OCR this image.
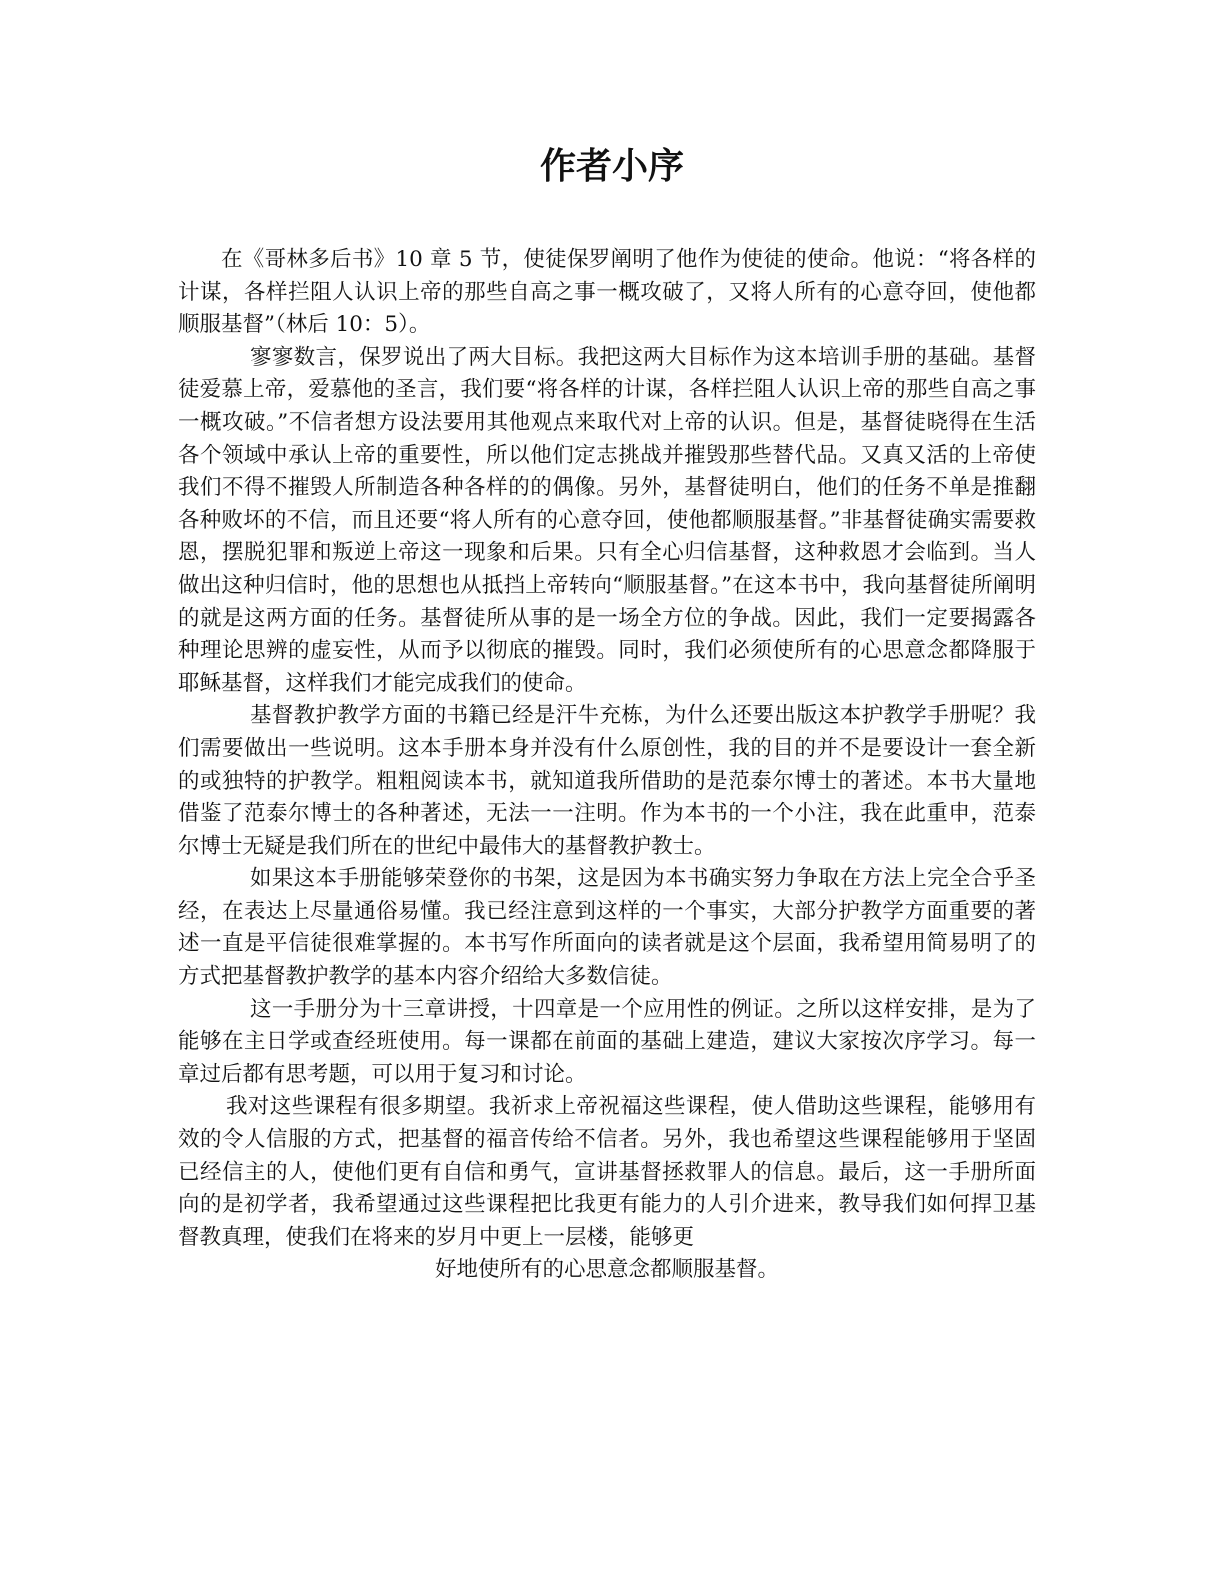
作者小序

在《哥林多后书》10 章 5 节，使徒保罗阐明了他作为使徒的使命。他说：“将各样的计谋，各样拦阻人认识上帝的那些自高之事一概攻破了，又将人所有的心意夺回，使他都顺服基督”（林后 10：5）。

寥寥数言，保罗说出了两大目标。我把这两大目标作为这本培训手册的基础。基督徒爱慕上帝，爱慕他的圣言，我们要“将各样的计谋，各样拦阻人认识上帝的那些自高之事一概攻破。”不信者想方设法要用其他观点来取代对上帝的认识。但是，基督徒晓得在生活各个领域中承认上帝的重要性，所以他们定志挑战并摧毁那些替代品。又真又活的上帝使我们不得不摧毁人所制造各种各样的的偶像。另外，基督徒明白，他们的任务不单是推翻各种败坏的不信，而且还要“将人所有的心意夺回，使他都顺服基督。”非基督徒确实需要救恩，摆脱犯罪和叛逆上帝这一现象和后果。只有全心归信基督，这种救恩才会临到。当人做出这种归信时，他的思想也从抵挡上帝转向“顺服基督。”在这本书中，我向基督徒所阐明的就是这两方面的任务。基督徒所从事的是一场全方位的争战。因此，我们一定要揭露各种理论思辨的虚妄性，从而予以彻底的摧毁。同时，我们必须使所有的心思意念都降服于耶稣基督，这样我们才能完成我们的使命。

基督教护教学方面的书籍已经是汗牛充栋，为什么还要出版这本护教学手册呢？我们需要做出一些说明。这本手册本身并没有什么原创性，我的目的并不是要设计一套全新的或独特的护教学。粗粗阅读本书，就知道我所借助的是范泰尔博士的著述。本书大量地借鉴了范泰尔博士的各种著述，无法一一注明。作为本书的一个小注，我在此重申，范泰尔博士无疑是我们所在的世纪中最伟大的基督教护教士。

如果这本手册能够荣登你的书架，这是因为本书确实努力争取在方法上完全合乎圣经，在表达上尽量通俗易懂。我已经注意到这样的一个事实，大部分护教学方面重要的著述一直是平信徒很难掌握的。本书写作所面向的读者就是这个层面，我希望用简易明了的方式把基督教护教学的基本内容介绍给大多数信徒。

这一手册分为十三章讲授，十四章是一个应用性的例证。之所以这样安排，是为了能够在主日学或查经班使用。每一课都在前面的基础上建造，建议大家按次序学习。每一章过后都有思考题，可以用于复习和讨论。

我对这些课程有很多期望。我祈求上帝祝福这些课程，使人借助这些课程，能够用有效的令人信服的方式，把基督的福音传给不信者。另外，我也希望这些课程能够用于坚固已经信主的人，使他们更有自信和勇气，宣讲基督拯救罪人的信息。最后，这一手册所面向的是初学者，我希望通过这些课程把比我更有能力的人引介进来，教导我们如何捍卫基督教真理，使我们在将来的岁月中更上一层楼，能够更
好地使所有的心思意念都顺服基督。
